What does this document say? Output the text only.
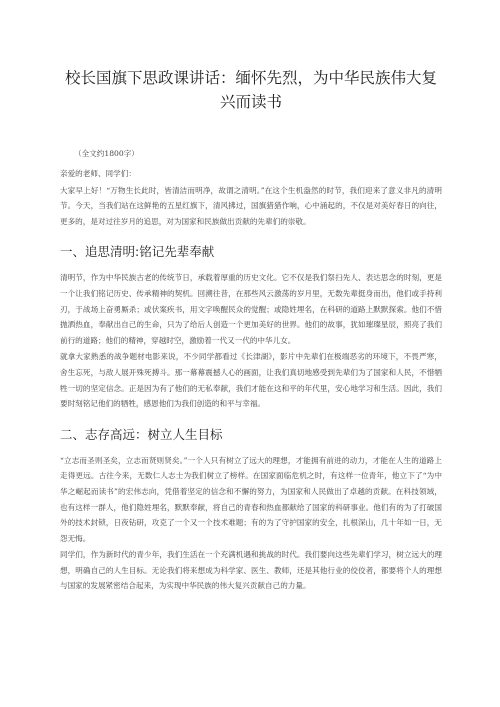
校长国旗下思政课讲话：缅怀先烈，为中华民族伟大复兴而读书
（全文约1800字）

亲爱的老师、同学们：

大家早上好！“万物生长此时，皆清洁而明净，故谓之清明。”在这个生机盎然的时节，我们迎来了意义非凡的清明节。今天，当我们站在这鲜艳的五星红旗下，清风拂过，国旗猎猎作响，心中涌起的，不仅是对美好春日的向往，更多的，是对过往岁月的追思，对为国家和民族做出贡献的先辈们的崇敬。

一、追思清明:铭记先辈奉献

清明节，作为中华民族古老的传统节日，承载着厚重的历史文化。它不仅是我们祭扫先人、表达思念的时刻，更是一个让我们铭记历史、传承精神的契机。回溯往昔，在那些风云激荡的岁月里，无数先辈挺身而出，他们或手持利刃，于战场上奋勇厮杀；或伏案疾书，用文字唤醒民众的觉醒；或隐姓埋名，在科研的道路上默默探索。他们不惜抛洒热血，奉献出自己的生命，只为了给后人创造一个更加美好的世界。他们的故事，犹如璀璨星辰，照亮了我们前行的道路；他们的精神，穿越时空，激励着一代又一代的中华儿女。

就拿大家熟悉的战争题材电影来说，不少同学都看过《长津湖》，影片中先辈们在极端恶劣的环境下，不畏严寒，舍生忘死，与敌人展开殊死搏斗。那一幕幕震撼人心的画面，让我们真切地感受到先辈们为了国家和人民，不惜牺牲一切的坚定信念。正是因为有了他们的无私奉献，我们才能在这和平的年代里，安心地学习和生活。因此，我们要时刻铭记他们的牺牲，感恩他们为我们创造的和平与幸福。

二、志存高远：树立人生目标

“立志而圣则圣矣，立志而贤则贤矣。”一个人只有树立了远大的理想，才能拥有前进的动力，才能在人生的道路上走得更远。古往今来，无数仁人志士为我们树立了榜样。在国家面临危机之时，有这样一位青年，他立下了“为中华之崛起而读书”的宏伟志向，凭借着坚定的信念和不懈的努力，为国家和人民做出了卓越的贡献。在科技领域，也有这样一群人，他们隐姓埋名，默默奉献，将自己的青春和热血都献给了国家的科研事业。他们有的为了打破国外的技术封锁，日夜钻研，攻克了一个又一个技术难题；有的为了守护国家的安全，扎根深山，几十年如一日，无怨无悔。

同学们，作为新时代的青少年，我们生活在一个充满机遇和挑战的时代。我们要向这些先辈们学习，树立远大的理想，明确自己的人生目标。无论我们将来想成为科学家、医生、教师，还是其他行业的佼佼者，都要将个人的理想与国家的发展紧密结合起来，为实现中华民族的伟大复兴贡献自己的力量。
